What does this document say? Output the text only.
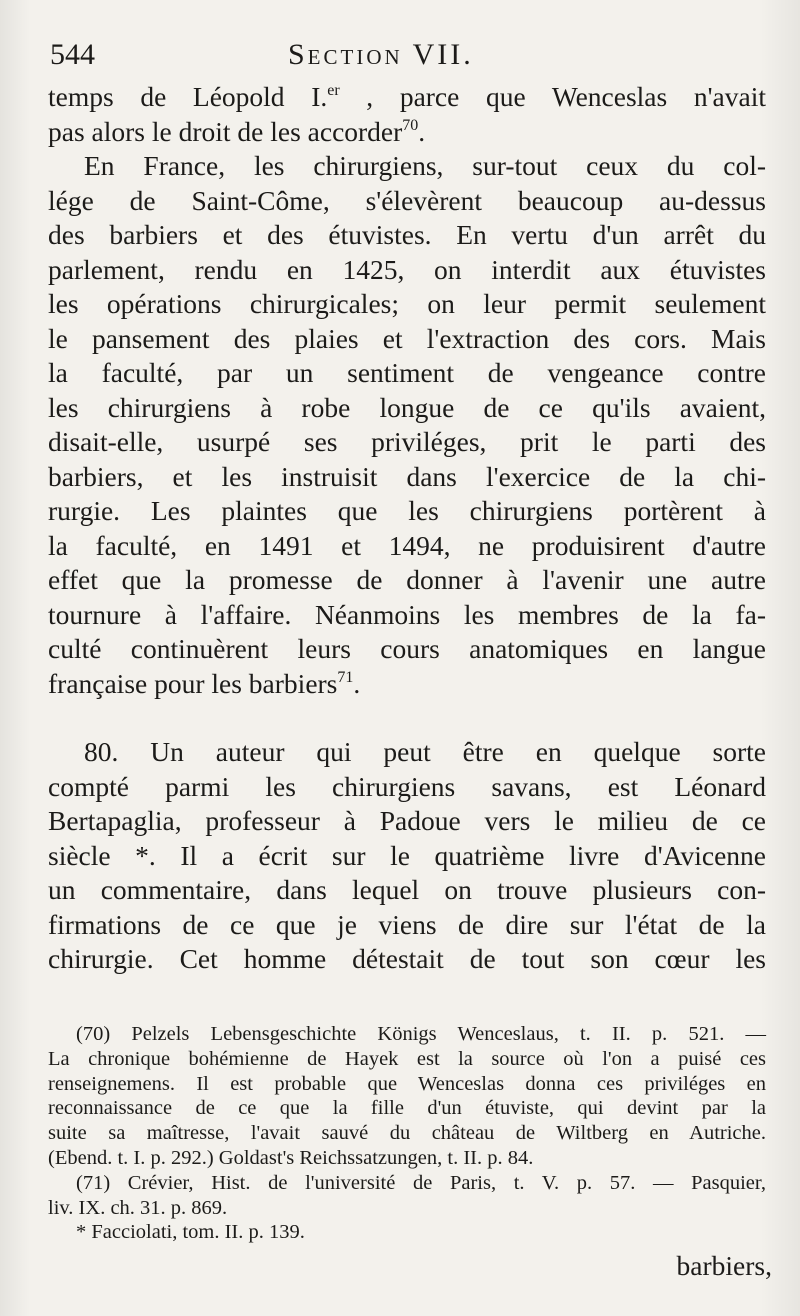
544	Section VII.
temps de Léopold I.$^{er}$ , parce que Wenceslas n'avait
pas alors le droit de les accorder$^{70}$.
En France, les chirurgiens, sur-tout ceux du col-
lége de Saint-Côme, s'élevèrent beaucoup au-dessus
des barbiers et des étuvistes. En vertu d'un arrêt du
parlement, rendu en 1425, on interdit aux étuvistes
les opérations chirurgicales; on leur permit seulement
le pansement des plaies et l'extraction des cors. Mais
la faculté, par un sentiment de vengeance contre
les chirurgiens à robe longue de ce qu'ils avaient,
disait-elle, usurpé ses priviléges, prit le parti des
barbiers, et les instruisit dans l'exercice de la chi-
rurgie. Les plaintes que les chirurgiens portèrent à
la faculté, en 1491 et 1494, ne produisirent d'autre
effet que la promesse de donner à l'avenir une autre
tournure à l'affaire. Néanmoins les membres de la fa-
culté continuèrent leurs cours anatomiques en langue
française pour les barbiers$^{71}$.
80. Un auteur qui peut être en quelque sorte
compté parmi les chirurgiens savans, est Léonard
Bertapaglia, professeur à Padoue vers le milieu de ce
siècle *. Il a écrit sur le quatrième livre d'Avicenne
un commentaire, dans lequel on trouve plusieurs con-
firmations de ce que je viens de dire sur l'état de la
chirurgie. Cet homme détestait de tout son cœur les
(70) Pelzels Lebensgeschichte Königs Wenceslaus, t. II. p. 521. —
La chronique bohémienne de Hayek est la source où l'on a puisé ces
renseignemens. Il est probable que Wenceslas donna ces priviléges en
reconnaissance de ce que la fille d'un étuviste, qui devint par la
suite sa maîtresse, l'avait sauvé du château de Wiltberg en Autriche.
(Ebend. t. I. p. 292.) Goldast's Reichssatzungen, t. II. p. 84.
(71) Crévier, Hist. de l'université de Paris, t. V. p. 57. — Pasquier,
liv. IX. ch. 31. p. 869.
* Facciolati, tom. II. p. 139.
barbiers,
